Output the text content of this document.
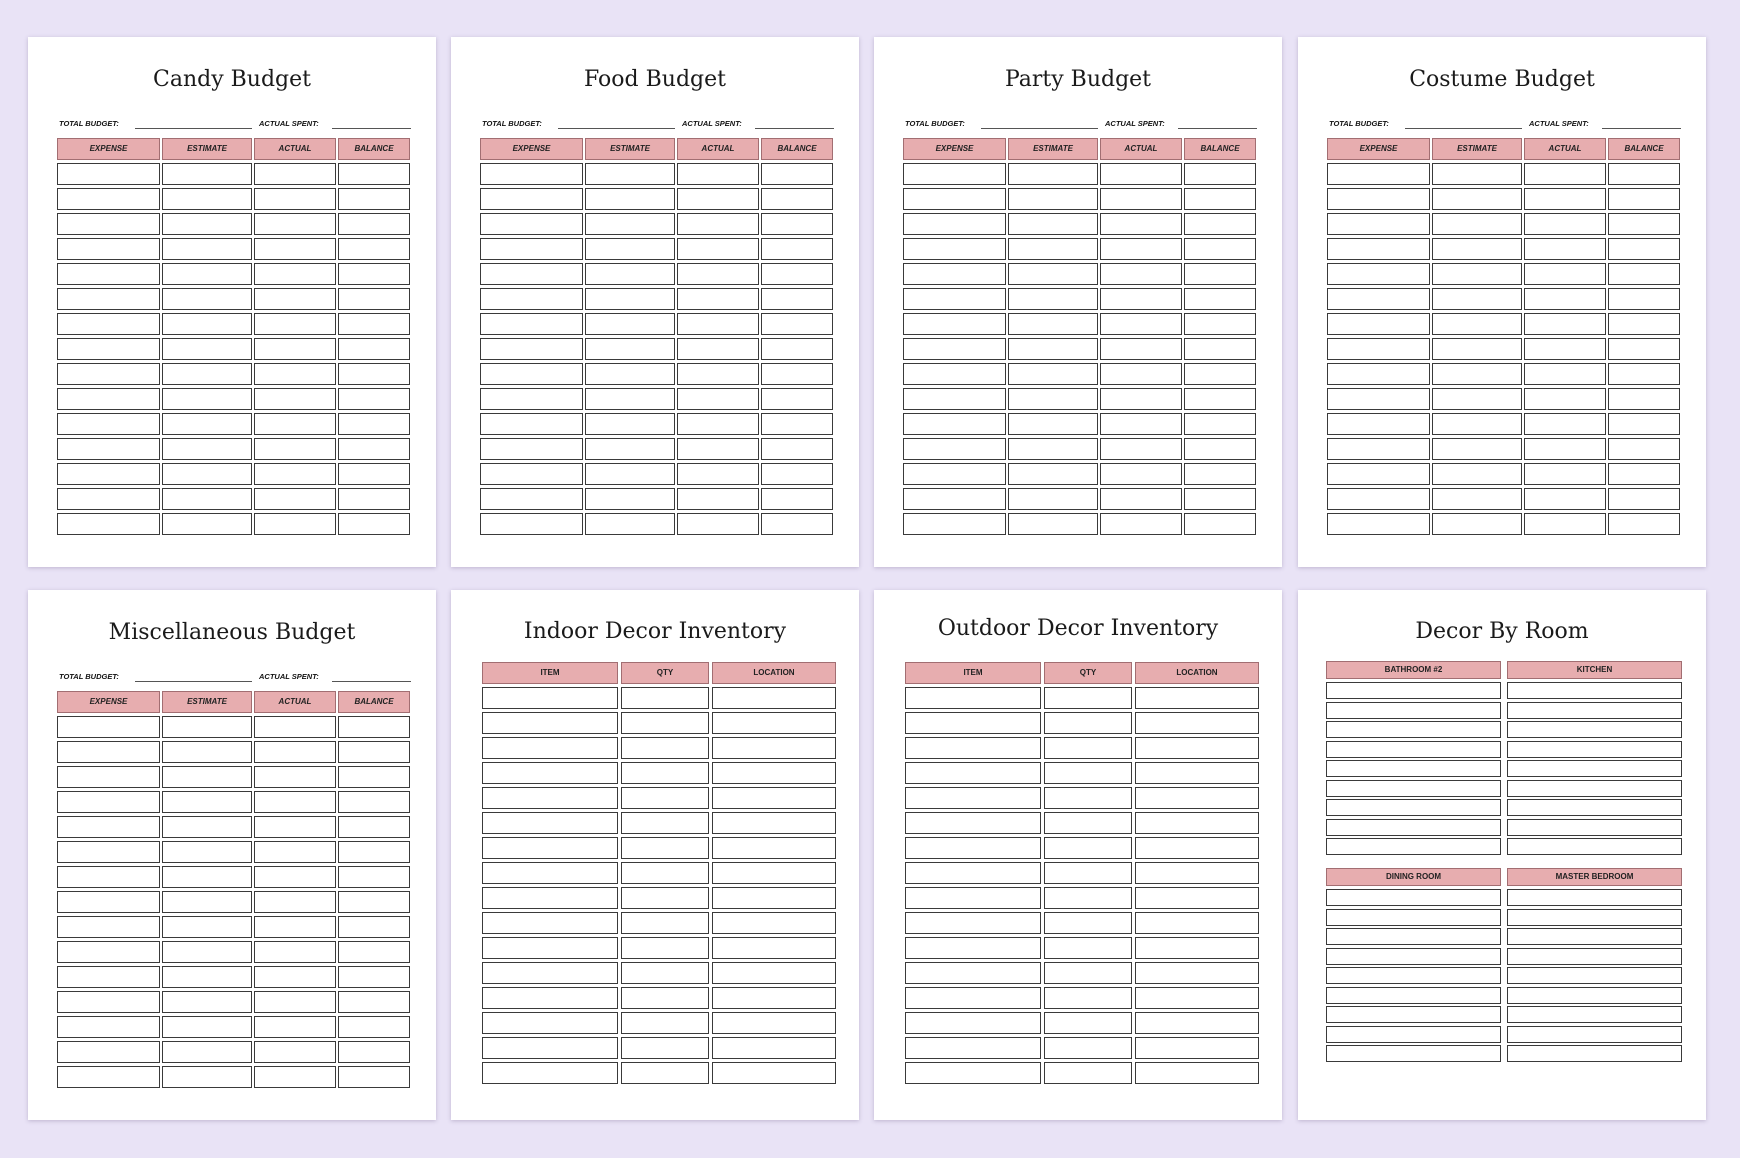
Candy Budget
TOTAL BUDGET:	ACTUAL SPENT:
EXPENSE	ESTIMATE	ACTUAL	BALANCE
Food Budget
TOTAL BUDGET:	ACTUAL SPENT:
EXPENSE	ESTIMATE	ACTUAL	BALANCE
Party Budget
TOTAL BUDGET:	ACTUAL SPENT:
EXPENSE	ESTIMATE	ACTUAL	BALANCE
Costume Budget
TOTAL BUDGET:	ACTUAL SPENT:
EXPENSE	ESTIMATE	ACTUAL	BALANCE
Miscellaneous Budget
TOTAL BUDGET:	ACTUAL SPENT:
EXPENSE	ESTIMATE	ACTUAL	BALANCE
Indoor Decor Inventory
ITEM	QTY	LOCATION
Outdoor Decor Inventory
ITEM	QTY	LOCATION
Decor By Room
BATHROOM #2	KITCHEN
DINING ROOM	MASTER BEDROOM
